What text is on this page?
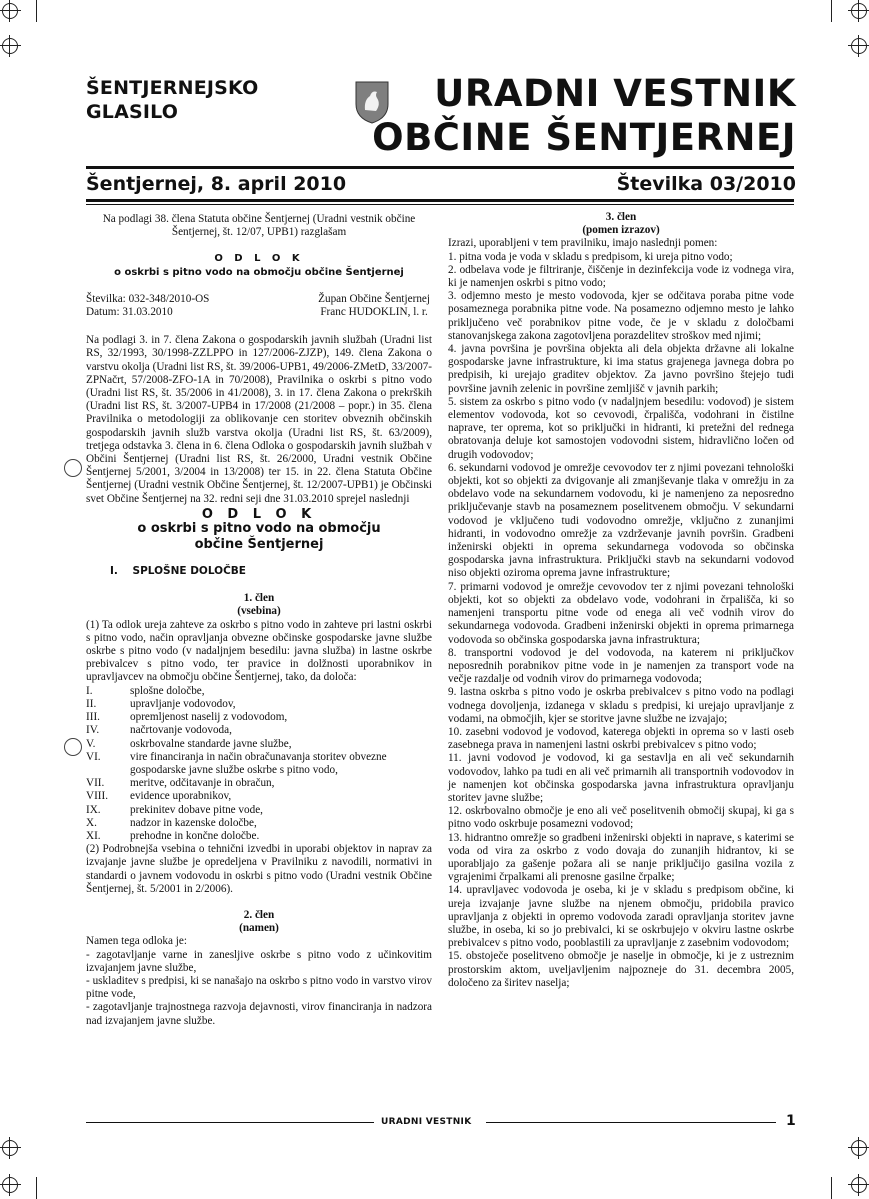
ŠENTJERNEJSKO
GLASILO	URADNI VESTNIK
OBČINE ŠENTJERNEJ
Šentjernej, 8. april 2010	Številka 03/2010

Na podlagi 38. člena Statuta občine Šentjernej (Uradni vestnik občine Šentjernej, št. 12/07, UPB1) razglašam

O D L O K

o oskrbi s pitno vodo na območju občine Šentjernej

Številka: 032-348/2010-OS

Datum: 31.03.2010

Župan Občine Šentjernej

Franc HUDOKLIN, l. r.

Na podlagi 3. in 7. člena Zakona o gospodarskih javnih službah (Uradni list RS, 32/1993, 30/1998-ZZLPPO in 127/2006-ZJZP), 149. člena Zakona o varstvu okolja (Uradni list RS, št. 39/2006-UPB1, 49/2006-ZMetD, 33/2007-ZPNačrt, 57/2008-ZFO-1A in 70/2008), Pravilnika o oskrbi s pitno vodo (Uradni list RS, št. 35/2006 in 41/2008), 3. in 17. člena Zakona o prekrških (Uradni list RS, št. 3/2007-UPB4 in 17/2008 (21/2008 – popr.) in 35. člena Pravilnika o metodologiji za oblikovanje cen storitev obveznih občinskih gospodarskih javnih služb varstva okolja (Uradni list RS, št. 63/2009), tretjega odstavka 3. člena in 6. člena Odloka o gospodarskih javnih službah v Občini Šentjernej (Uradni list RS, št. 26/2000, Uradni vestnik Občine Šentjernej 5/2001, 3/2004 in 13/2008) ter 15. in 22. člena Statuta Občine Šentjernej (Uradni vestnik Občine Šentjernej, št. 12/2007-UPB1) je Občinski svet Občine Šentjernej na 32. redni seji dne 31.03.2010 sprejel naslednji

O D L O K

o oskrbi s pitno vodo na območju

občine Šentjernej

I.    SPLOŠNE DOLOČBE

1. člen

(vsebina)

(1) Ta odlok ureja zahteve za oskrbo s pitno vodo in zahteve pri lastni oskrbi s pitno vodo, način opravljanja obvezne občinske gospodarske javne službe oskrbe s pitno vodo (v nadaljnjem besedilu: javna služba) in lastne oskrbe prebivalcev s pitno vodo, ter pravice in dolžnosti uporabnikov in upravljavcev na območju občine Šentjernej, tako, da določa:

I.	splošne določbe,
II.	upravljanje vodovodov,
III.	opremljenost naselij z vodovodom,
IV.	načrtovanje vodovoda,
V.	oskrbovalne standarde javne službe,
VI.	vire financiranja in način obračunavanja storitev obvezne gospodarske javne službe oskrbe s pitno vodo,
VII.	meritve, odčitavanje in obračun,
VIII.	evidence uporabnikov,
IX.	prekinitev dobave pitne vode,
X.	nadzor in kazenske določbe,
XI.	prehodne in končne določbe.

(2) Podrobnejša vsebina o tehnični izvedbi in uporabi objektov in naprav za izvajanje javne službe je opredeljena v Pravilniku z navodili, normativi in standardi o javnem vodovodu in oskrbi s pitno vodo (Uradni vestnik Občine Šentjernej, št. 5/2001 in 2/2006).

2. člen

(namen)

Namen tega odloka je:

- zagotavljanje varne in zanesljive oskrbe s pitno vodo z učinkovitim izvajanjem javne službe,

- uskladitev s predpisi, ki se nanašajo na oskrbo s pitno vodo in varstvo virov pitne vode,

- zagotavljanje trajnostnega razvoja dejavnosti, virov financiranja in nadzora nad izvajanjem javne službe.

3. člen

(pomen izrazov)

Izrazi, uporabljeni v tem pravilniku, imajo naslednji pomen:

1. pitna voda je voda v skladu s predpisom, ki ureja pitno vodo;

2. odbelava vode je filtriranje, čiščenje in dezinfekcija vode iz vodnega vira, ki je namenjen oskrbi s pitno vodo;

3. odjemno mesto je mesto vodovoda, kjer se odčitava poraba pitne vode posameznega porabnika pitne vode. Na posamezno odjemno mesto je lahko priključeno več porabnikov pitne vode, če je v skladu z določbami stanovanjskega zakona zagotovljena porazdelitev stroškov med njimi;

4. javna površina je površina objekta ali dela objekta državne ali lokalne gospodarske javne infrastrukture, ki ima status grajenega javnega dobra po predpisih, ki urejajo graditev objektov. Za javno površino štejejo tudi površine javnih zelenic in površine zemljišč v javnih parkih;

5. sistem za oskrbo s pitno vodo (v nadaljnjem besedilu: vodovod) je sistem elementov vodovoda, kot so cevovodi, črpališča, vodohrani in čistilne naprave, ter oprema, kot so priključki in hidranti, ki pretežni del rednega obratovanja deluje kot samostojen vodovodni sistem, hidravlično ločen od drugih vodovodov;

6. sekundarni vodovod je omrežje cevovodov ter z njimi povezani tehnološki objekti, kot so objekti za dvigovanje ali zmanjševanje tlaka v omrežju in za obdelavo vode na sekundarnem vodovodu, ki je namenjeno za neposredno priključevanje stavb na posameznem poselitvenem območju. V sekundarni vodovod je vključeno tudi vodovodno omrežje, vključno z zunanjimi hidranti, in vodovodno omrežje za vzdrževanje javnih površin. Gradbeni inženirski objekti in oprema sekundarnega vodovoda so občinska gospodarska javna infrastruktura. Priključki stavb na sekundarni vodovod niso objekti oziroma oprema javne infrastrukture;

7. primarni vodovod je omrežje cevovodov ter z njimi povezani tehnološki objekti, kot so objekti za obdelavo vode, vodohrani in črpališča, ki so namenjeni transportu pitne vode od enega ali več vodnih virov do sekundarnega vodovoda. Gradbeni inženirski objekti in oprema primarnega vodovoda so občinska gospodarska javna infrastruktura;

8. transportni vodovod je del vodovoda, na katerem ni priključkov neposrednih porabnikov pitne vode in je namenjen za transport vode na večje razdalje od vodnih virov do primarnega vodovoda;

9. lastna oskrba s pitno vodo je oskrba prebivalcev s pitno vodo na podlagi vodnega dovoljenja, izdanega v skladu s predpisi, ki urejajo upravljanje z vodami, na območjih, kjer se storitve javne službe ne izvajajo;

10. zasebni vodovod je vodovod, katerega objekti in oprema so v lasti oseb zasebnega prava in namenjeni lastni oskrbi prebivalcev s pitno vodo;

11. javni vodovod je vodovod, ki ga sestavlja en ali več sekundarnih vodovodov, lahko pa tudi en ali več primarnih ali transportnih vodovodov in je namenjen kot občinska gospodarska javna infrastruktura opravljanju storitev javne službe;

12. oskrbovalno območje je eno ali več poselitvenih območij skupaj, ki ga s pitno vodo oskrbuje posamezni vodovod;

13. hidrantno omrežje so gradbeni inženirski objekti in naprave, s katerimi se voda od vira za oskrbo z vodo dovaja do zunanjih hidrantov, ki se uporabljajo za gašenje požara ali se nanje priključijo gasilna vozila z vgrajenimi črpalkami ali prenosne gasilne črpalke;

14. upravljavec vodovoda je oseba, ki je v skladu s predpisom občine, ki ureja izvajanje javne službe na njenem območju, pridobila pravico upravljanja z objekti in opremo vodovoda zaradi opravljanja storitev javne službe, in oseba, ki so jo prebivalci, ki se oskrbujejo v okviru lastne oskrbe prebivalcev s pitno vodo, pooblastili za upravljanje z zasebnim vodovodom;

15. obstoječe poselitveno območje je naselje in območje, ki je z ustreznim prostorskim aktom, uveljavljenim najpozneje do 31. decembra 2005, določeno za širitev naselja;

URADNI VESTNIK	1
